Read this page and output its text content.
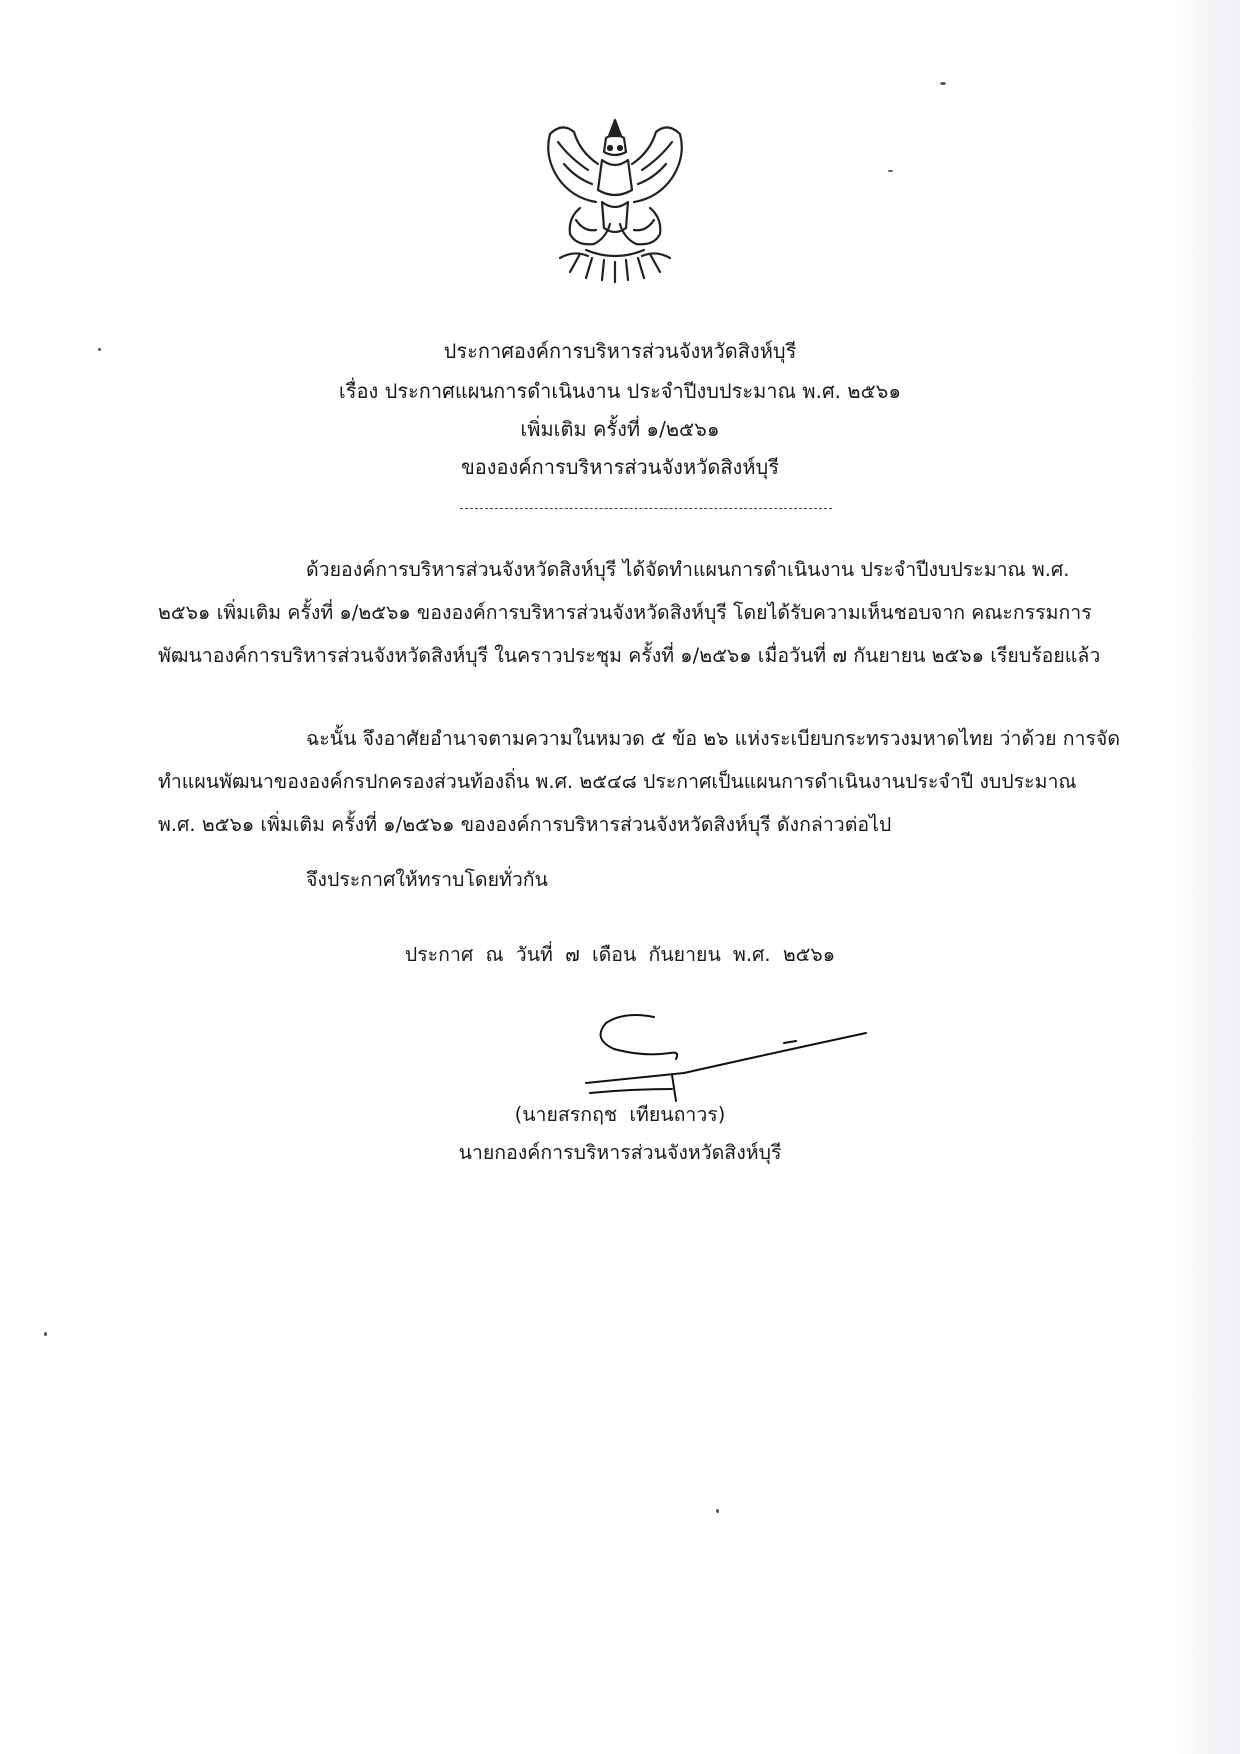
ประกาศองค์การบริหารส่วนจังหวัดสิงห์บุรี
เรื่อง ประกาศแผนการดำเนินงาน ประจำปีงบประมาณ พ.ศ. ๒๕๖๑
เพิ่มเติม ครั้งที่ ๑/๒๕๖๑
ขององค์การบริหารส่วนจังหวัดสิงห์บุรี

ด้วยองค์การบริหารส่วนจังหวัดสิงห์บุรี ได้จัดทำแผนการดำเนินงาน ประจำปีงบประมาณ พ.ศ. ๒๕๖๑ เพิ่มเติม ครั้งที่ ๑/๒๕๖๑ ขององค์การบริหารส่วนจังหวัดสิงห์บุรี โดยได้รับความเห็นชอบจาก คณะกรรมการพัฒนาองค์การบริหารส่วนจังหวัดสิงห์บุรี ในคราวประชุม ครั้งที่ ๑/๒๕๖๑ เมื่อวันที่ ๗ กันยายน ๒๕๖๑ เรียบร้อยแล้ว

ฉะนั้น จึงอาศัยอำนาจตามความในหมวด ๕ ข้อ ๒๖ แห่งระเบียบกระทรวงมหาดไทย ว่าด้วย การจัดทำแผนพัฒนาขององค์กรปกครองส่วนท้องถิ่น พ.ศ. ๒๕๔๘ ประกาศเป็นแผนการดำเนินงานประจำปี งบประมาณ พ.ศ. ๒๕๖๑ เพิ่มเติม ครั้งที่ ๑/๒๕๖๑ ขององค์การบริหารส่วนจังหวัดสิงห์บุรี ดังกล่าวต่อไป

จึงประกาศให้ทราบโดยทั่วกัน
ประกาศ ณ วันที่ ๗ เดือน กันยายน พ.ศ. ๒๕๖๑
(นายสรกฤช เทียนถาวร)
นายกองค์การบริหารส่วนจังหวัดสิงห์บุรี
